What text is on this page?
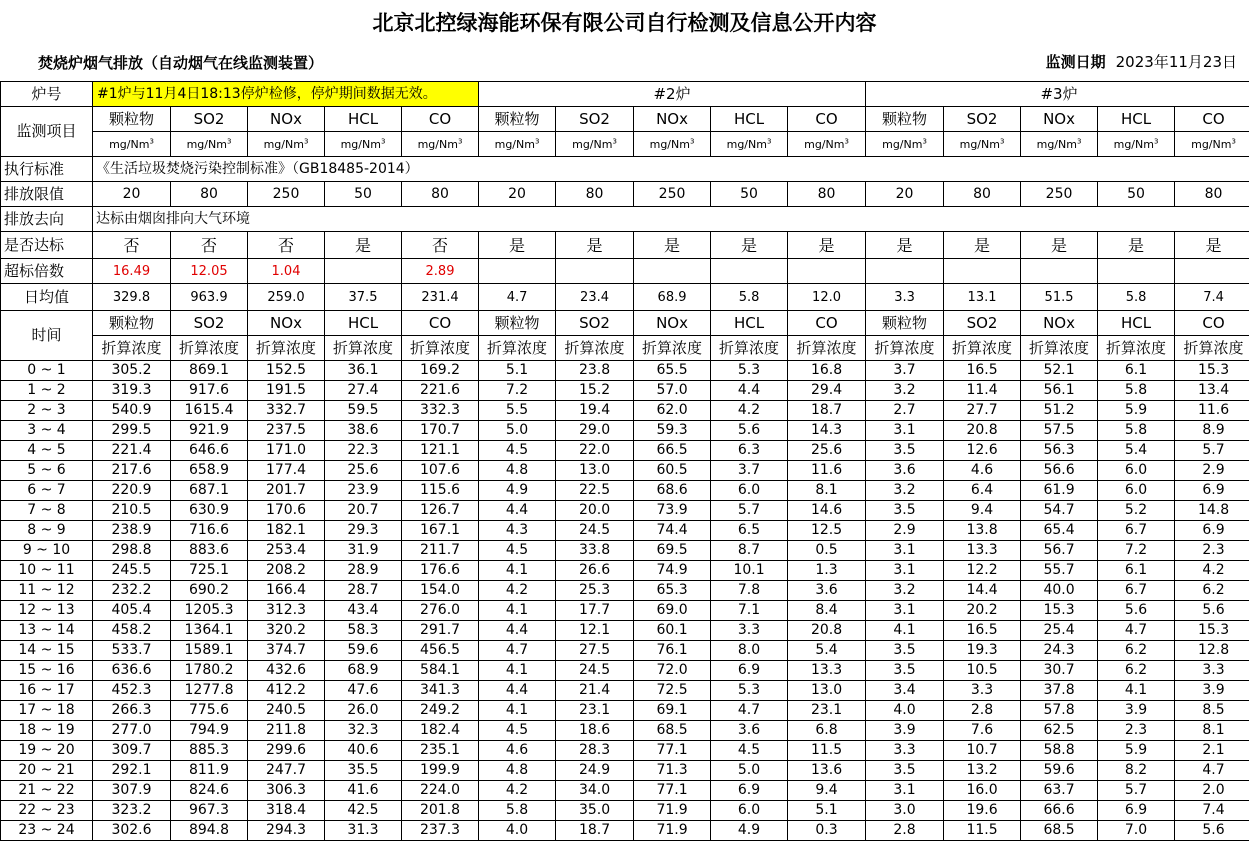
北京北控绿海能环保有限公司自行检测及信息公开内容
焚烧炉烟气排放（自动烟气在线监测装置）	监测日期 2023年11月23日
炉号	#1炉与11月4日18:13停炉检修，停炉期间数据无效。					#2炉					#3炉				
监测项目	颗粒物	SO2	NOx	HCL	CO	颗粒物	SO2	NOx	HCL	CO	颗粒物	SO2	NOx	HCL	CO
	mg/Nm$^3$	mg/Nm$^3$	mg/Nm$^3$	mg/Nm$^3$	mg/Nm$^3$	mg/Nm$^3$	mg/Nm$^3$	mg/Nm$^3$	mg/Nm$^3$	mg/Nm$^3$	mg/Nm$^3$	mg/Nm$^3$	mg/Nm$^3$	mg/Nm$^3$	mg/Nm$^3$
执行标准	《生活垃圾焚烧污染控制标准》（GB18485-2014）														
排放限值	20	80	250	50	80	20	80	250	50	80	20	80	250	50	80
排放去向	达标由烟囱排向大气环境														
是否达标	否	否	否	是	否	是	是	是	是	是	是	是	是	是	是
超标倍数	16.49	12.05	1.04		2.89										
日均值	329.8	963.9	259.0	37.5	231.4	4.7	23.4	68.9	5.8	12.0	3.3	13.1	51.5	5.8	7.4
时间	颗粒物	SO2	NOx	HCL	CO	颗粒物	SO2	NOx	HCL	CO	颗粒物	SO2	NOx	HCL	CO
	折算浓度	折算浓度	折算浓度	折算浓度	折算浓度	折算浓度	折算浓度	折算浓度	折算浓度	折算浓度	折算浓度	折算浓度	折算浓度	折算浓度	折算浓度
0 ~ 1	305.2	869.1	152.5	36.1	169.2	5.1	23.8	65.5	5.3	16.8	3.7	16.5	52.1	6.1	15.3
1 ~ 2	319.3	917.6	191.5	27.4	221.6	7.2	15.2	57.0	4.4	29.4	3.2	11.4	56.1	5.8	13.4
2 ~ 3	540.9	1615.4	332.7	59.5	332.3	5.5	19.4	62.0	4.2	18.7	2.7	27.7	51.2	5.9	11.6
3 ~ 4	299.5	921.9	237.5	38.6	170.7	5.0	29.0	59.3	5.6	14.3	3.1	20.8	57.5	5.8	8.9
4 ~ 5	221.4	646.6	171.0	22.3	121.1	4.5	22.0	66.5	6.3	25.6	3.5	12.6	56.3	5.4	5.7
5 ~ 6	217.6	658.9	177.4	25.6	107.6	4.8	13.0	60.5	3.7	11.6	3.6	4.6	56.6	6.0	2.9
6 ~ 7	220.9	687.1	201.7	23.9	115.6	4.9	22.5	68.6	6.0	8.1	3.2	6.4	61.9	6.0	6.9
7 ~ 8	210.5	630.9	170.6	20.7	126.7	4.4	20.0	73.9	5.7	14.6	3.5	9.4	54.7	5.2	14.8
8 ~ 9	238.9	716.6	182.1	29.3	167.1	4.3	24.5	74.4	6.5	12.5	2.9	13.8	65.4	6.7	6.9
9 ~ 10	298.8	883.6	253.4	31.9	211.7	4.5	33.8	69.5	8.7	0.5	3.1	13.3	56.7	7.2	2.3
10 ~ 11	245.5	725.1	208.2	28.9	176.6	4.1	26.6	74.9	10.1	1.3	3.1	12.2	55.7	6.1	4.2
11 ~ 12	232.2	690.2	166.4	28.7	154.0	4.2	25.3	65.3	7.8	3.6	3.2	14.4	40.0	6.7	6.2
12 ~ 13	405.4	1205.3	312.3	43.4	276.0	4.1	17.7	69.0	7.1	8.4	3.1	20.2	15.3	5.6	5.6
13 ~ 14	458.2	1364.1	320.2	58.3	291.7	4.4	12.1	60.1	3.3	20.8	4.1	16.5	25.4	4.7	15.3
14 ~ 15	533.7	1589.1	374.7	59.6	456.5	4.7	27.5	76.1	8.0	5.4	3.5	19.3	24.3	6.2	12.8
15 ~ 16	636.6	1780.2	432.6	68.9	584.1	4.1	24.5	72.0	6.9	13.3	3.5	10.5	30.7	6.2	3.3
16 ~ 17	452.3	1277.8	412.2	47.6	341.3	4.4	21.4	72.5	5.3	13.0	3.4	3.3	37.8	4.1	3.9
17 ~ 18	266.3	775.6	240.5	26.0	249.2	4.1	23.1	69.1	4.7	23.1	4.0	2.8	57.8	3.9	8.5
18 ~ 19	277.0	794.9	211.8	32.3	182.4	4.5	18.6	68.5	3.6	6.8	3.9	7.6	62.5	2.3	8.1
19 ~ 20	309.7	885.3	299.6	40.6	235.1	4.6	28.3	77.1	4.5	11.5	3.3	10.7	58.8	5.9	2.1
20 ~ 21	292.1	811.9	247.7	35.5	199.9	4.8	24.9	71.3	5.0	13.6	3.5	13.2	59.6	8.2	4.7
21 ~ 22	307.9	824.6	306.3	41.6	224.0	4.2	34.0	77.1	6.9	9.4	3.1	16.0	63.7	5.7	2.0
22 ~ 23	323.2	967.3	318.4	42.5	201.8	5.8	35.0	71.9	6.0	5.1	3.0	19.6	66.6	6.9	7.4
23 ~ 24	302.6	894.8	294.3	31.3	237.3	4.0	18.7	71.9	4.9	0.3	2.8	11.5	68.5	7.0	5.6
